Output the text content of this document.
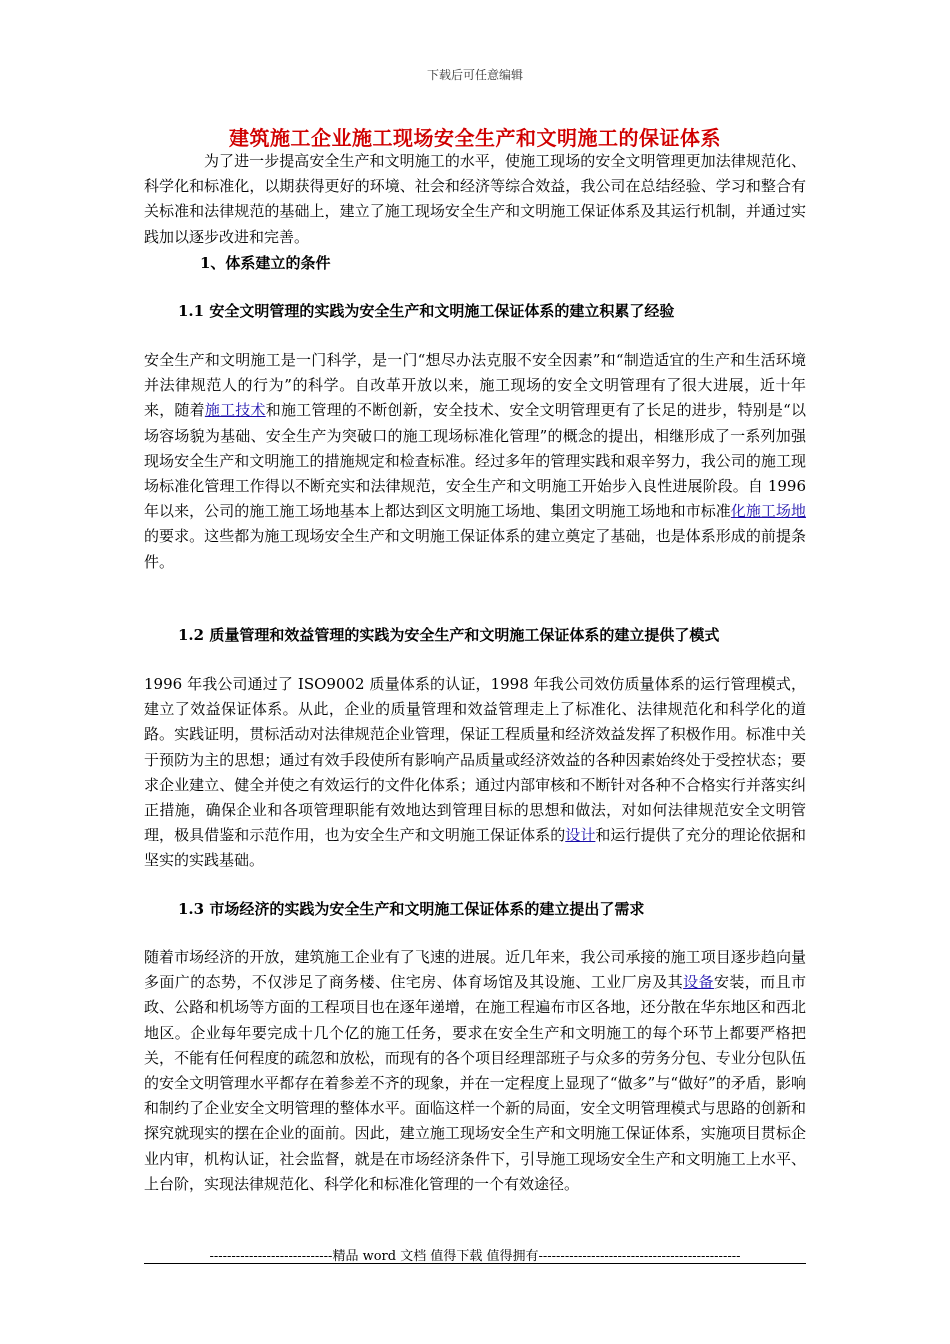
下载后可任意编辑
建筑施工企业施工现场安全生产和文明施工的保证体系

为了进一步提高安全生产和文明施工的水平，使施工现场的安全文明管理更加法律规范化、科学化和标准化，以期获得更好的环境、社会和经济等综合效益，我公司在总结经验、学习和整合有关标准和法律规范的基础上，建立了施工现场安全生产和文明施工保证体系及其运行机制，并通过实践加以逐步改进和完善。

1、体系建立的条件

1.1 安全文明管理的实践为安全生产和文明施工保证体系的建立积累了经验

安全生产和文明施工是一门科学，是一门“想尽办法克服不安全因素”和“制造适宜的生产和生活环境并法律规范人的行为”的科学。自改革开放以来，施工现场的安全文明管理有了很大进展，近十年来，随着施工技术和施工管理的不断创新，安全技术、安全文明管理更有了长足的进步，特别是“以场容场貌为基础、安全生产为突破口的施工现场标准化管理”的概念的提出，相继形成了一系列加强现场安全生产和文明施工的措施规定和检查标准。经过多年的管理实践和艰辛努力，我公司的施工现场标准化管理工作得以不断充实和法律规范，安全生产和文明施工开始步入良性进展阶段。自 1996 年以来，公司的施工施工场地基本上都达到区文明施工场地、集团文明施工场地和市标准化施工场地的要求。这些都为施工现场安全生产和文明施工保证体系的建立奠定了基础，也是体系形成的前提条件。

1.2 质量管理和效益管理的实践为安全生产和文明施工保证体系的建立提供了模式

1996 年我公司通过了 ISO9002 质量体系的认证，1998 年我公司效仿质量体系的运行管理模式，建立了效益保证体系。从此，企业的质量管理和效益管理走上了标准化、法律规范化和科学化的道路。实践证明，贯标活动对法律规范企业管理，保证工程质量和经济效益发挥了积极作用。标准中关于预防为主的思想；通过有效手段使所有影响产品质量或经济效益的各种因素始终处于受控状态；要求企业建立、健全并使之有效运行的文件化体系；通过内部审核和不断针对各种不合格实行并落实纠正措施，确保企业和各项管理职能有效地达到管理目标的思想和做法，对如何法律规范安全文明管理，极具借鉴和示范作用，也为安全生产和文明施工保证体系的设计和运行提供了充分的理论依据和坚实的实践基础。

1.3 市场经济的实践为安全生产和文明施工保证体系的建立提出了需求

随着市场经济的开放，建筑施工企业有了飞速的进展。近几年来，我公司承接的施工项目逐步趋向量多面广的态势，不仅涉足了商务楼、住宅房、体育场馆及其设施、工业厂房及其设备安装，而且市政、公路和机场等方面的工程项目也在逐年递增，在施工程遍布市区各地，还分散在华东地区和西北地区。企业每年要完成十几个亿的施工任务，要求在安全生产和文明施工的每个环节上都要严格把关，不能有任何程度的疏忽和放松，而现有的各个项目经理部班子与众多的劳务分包、专业分包队伍的安全文明管理水平都存在着参差不齐的现象，并在一定程度上显现了“做多”与“做好”的矛盾，影响和制约了企业安全文明管理的整体水平。面临这样一个新的局面，安全文明管理模式与思路的创新和探究就现实的摆在企业的面前。因此，建立施工现场安全生产和文明施工保证体系，实施项目贯标企业内审，机构认证，社会监督，就是在市场经济条件下，引导施工现场安全生产和文明施工上水平、上台阶，实现法律规范化、科学化和标准化管理的一个有效途径。

----------------------------精品 word 文档 值得下载 值得拥有----------------------------------------------
